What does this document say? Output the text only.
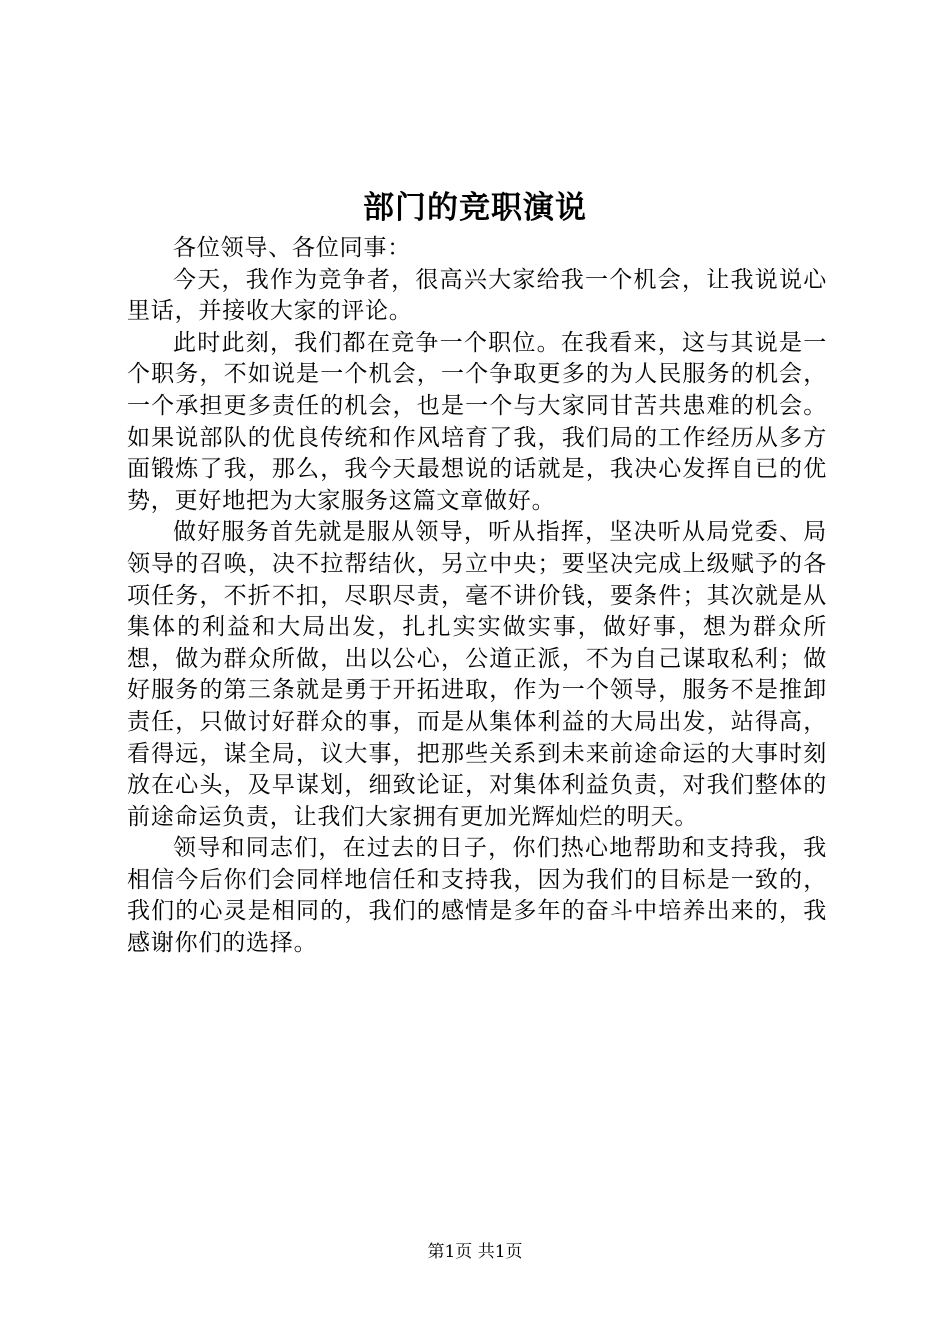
部门的竞职演说

各位领导、各位同事：

今天，我作为竞争者，很高兴大家给我一个机会，让我说说心里话，并接收大家的评论。

此时此刻，我们都在竞争一个职位。在我看来，这与其说是一个职务，不如说是一个机会，一个争取更多的为人民服务的机会，一个承担更多责任的机会，也是一个与大家同甘苦共患难的机会。如果说部队的优良传统和作风培育了我，我们局的工作经历从多方面锻炼了我，那么，我今天最想说的话就是，我决心发挥自已的优势，更好地把为大家服务这篇文章做好。

做好服务首先就是服从领导，听从指挥，坚决听从局党委、局领导的召唤，决不拉帮结伙，另立中央；要坚决完成上级赋予的各项任务，不折不扣，尽职尽责，毫不讲价钱，要条件；其次就是从集体的利益和大局出发，扎扎实实做实事，做好事，想为群众所想，做为群众所做，出以公心，公道正派，不为自己谋取私利；做好服务的第三条就是勇于开拓进取，作为一个领导，服务不是推卸责任，只做讨好群众的事，而是从集体利益的大局出发，站得高，看得远，谋全局，议大事，把那些关系到未来前途命运的大事时刻放在心头，及早谋划，细致论证，对集体利益负责，对我们整体的前途命运负责，让我们大家拥有更加光辉灿烂的明天。

领导和同志们，在过去的日子，你们热心地帮助和支持我，我相信今后你们会同样地信任和支持我，因为我们的目标是一致的，我们的心灵是相同的，我们的感情是多年的奋斗中培养出来的，我感谢你们的选择。

第1页 共1页
